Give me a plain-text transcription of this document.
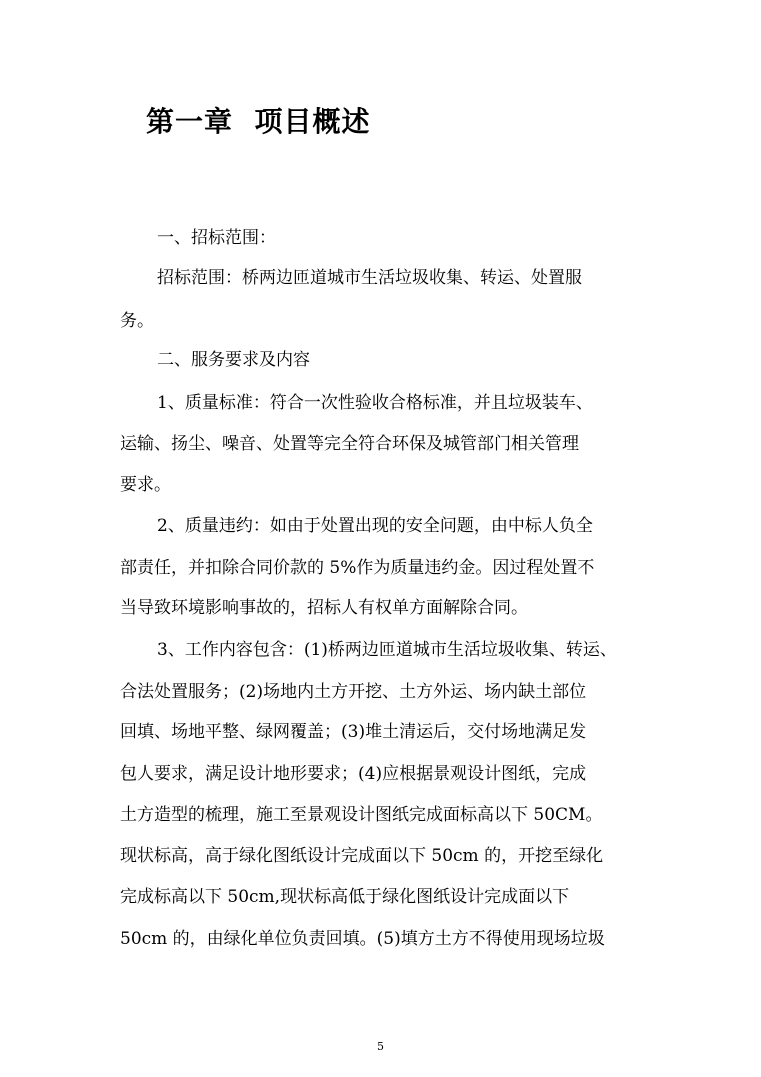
第一章  项目概述

一、招标范围：

招标范围：桥两边匝道城市生活垃圾收集、转运、处置服

务。

二、服务要求及内容

1、质量标准：符合一次性验收合格标准，并且垃圾装车、

运输、扬尘、噪音、处置等完全符合环保及城管部门相关管理

要求。

2、质量违约：如由于处置出现的安全问题，由中标人负全

部责任，并扣除合同价款的 5%作为质量违约金。因过程处置不

当导致环境影响事故的，招标人有权单方面解除合同。

3、工作内容包含：(1)桥两边匝道城市生活垃圾收集、转运、

合法处置服务；(2)场地内土方开挖、土方外运、场内缺土部位

回填、场地平整、绿网覆盖；(3)堆土清运后，交付场地满足发

包人要求，满足设计地形要求；(4)应根据景观设计图纸，完成

土方造型的梳理，施工至景观设计图纸完成面标高以下 50CM。

现状标高，高于绿化图纸设计完成面以下 50cm 的，开挖至绿化

完成标高以下 50cm,现状标高低于绿化图纸设计完成面以下

50cm 的，由绿化单位负责回填。(5)填方土方不得使用现场垃圾

5
